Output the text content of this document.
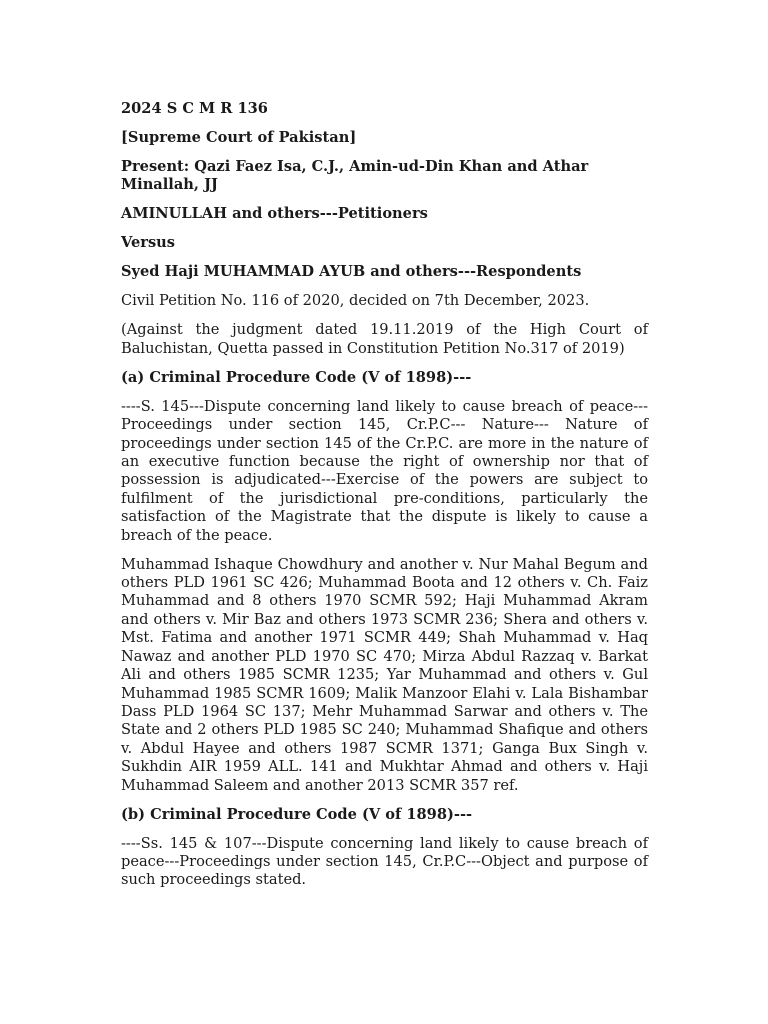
2024 S C M R 136

[Supreme Court of Pakistan]

Present: Qazi Faez Isa, C.J., Amin-ud-Din Khan and Athar Minallah, JJ

AMINULLAH and others---Petitioners

Versus

Syed Haji MUHAMMAD AYUB and others---Respondents

Civil Petition No. 116 of 2020, decided on 7th December, 2023.

(Against the judgment dated 19.11.2019 of the High Court of Baluchistan, Quetta passed in Constitution Petition No.317 of 2019)

(a) Criminal Procedure Code (V of 1898)---

----S. 145---Dispute concerning land likely to cause breach of peace---Proceedings under section 145, Cr.P.C--- Nature--- Nature of proceedings under section 145 of the Cr.P.C. are more in the nature of an executive function because the right of ownership nor that of possession is adjudicated---Exercise of the powers are subject to fulfilment of the jurisdictional pre-conditions, particularly the satisfaction of the Magistrate that the dispute is likely to cause a breach of the peace.

Muhammad Ishaque Chowdhury and another v. Nur Mahal Begum and others PLD 1961 SC 426; Muhammad Boota and 12 others v. Ch. Faiz Muhammad and 8 others 1970 SCMR 592; Haji Muhammad Akram and others v. Mir Baz and others 1973 SCMR 236; Shera and others v. Mst. Fatima and another 1971 SCMR 449; Shah Muhammad v. Haq Nawaz and another PLD 1970 SC 470; Mirza Abdul Razzaq v. Barkat Ali and others 1985 SCMR 1235; Yar Muhammad and others v. Gul Muhammad 1985 SCMR 1609; Malik Manzoor Elahi v. Lala Bishambar Dass PLD 1964 SC 137; Mehr Muhammad Sarwar and others v. The State and 2 others PLD 1985 SC 240; Muhammad Shafique and others v. Abdul Hayee and others 1987 SCMR 1371; Ganga Bux Singh v. Sukhdin AIR 1959 ALL. 141 and Mukhtar Ahmad and others v. Haji Muhammad Saleem and another 2013 SCMR 357 ref.

(b) Criminal Procedure Code (V of 1898)---

----Ss. 145 & 107---Dispute concerning land likely to cause breach of peace---Proceedings under section 145, Cr.P.C---Object and purpose of such proceedings stated.
